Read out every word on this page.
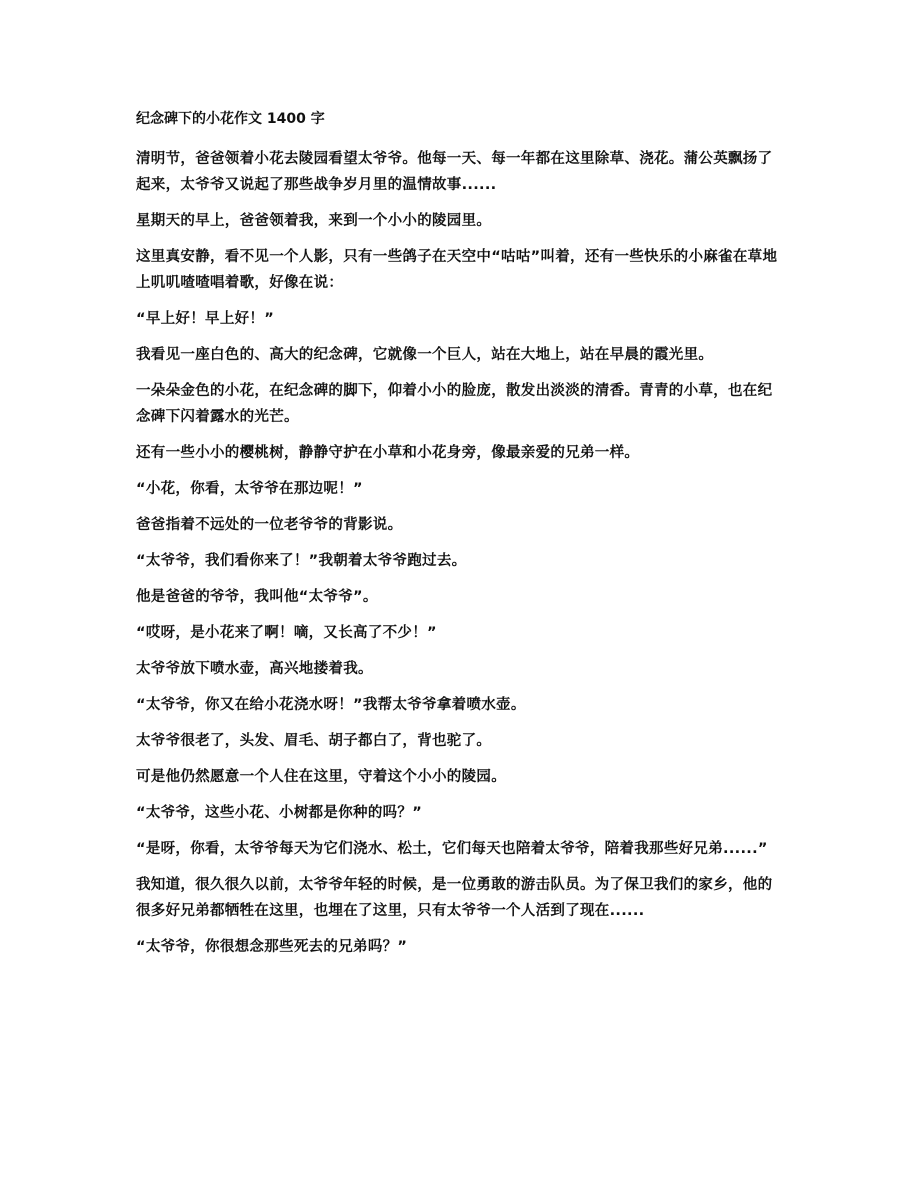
纪念碑下的小花作文 1400 字

清明节，爸爸领着小花去陵园看望太爷爷。他每一天、每一年都在这里除草、浇花。蒲公英飘扬了起来，太爷爷又说起了那些战争岁月里的温情故事......

星期天的早上，爸爸领着我，来到一个小小的陵园里。

这里真安静，看不见一个人影，只有一些鸽子在天空中“咕咕”叫着，还有一些快乐的小麻雀在草地上叽叽喳喳唱着歌，好像在说：

“早上好！早上好！”

我看见一座白色的、高大的纪念碑，它就像一个巨人，站在大地上，站在早晨的霞光里。

一朵朵金色的小花，在纪念碑的脚下，仰着小小的脸庞，散发出淡淡的清香。青青的小草，也在纪念碑下闪着露水的光芒。

还有一些小小的樱桃树，静静守护在小草和小花身旁，像最亲爱的兄弟一样。

“小花，你看，太爷爷在那边呢！”

爸爸指着不远处的一位老爷爷的背影说。

“太爷爷，我们看你来了！”我朝着太爷爷跑过去。

他是爸爸的爷爷，我叫他“太爷爷”。

“哎呀，是小花来了啊！嘀，又长高了不少！”

太爷爷放下喷水壶，高兴地搂着我。

“太爷爷，你又在给小花浇水呀！”我帮太爷爷拿着喷水壶。

太爷爷很老了，头发、眉毛、胡子都白了，背也驼了。

可是他仍然愿意一个人住在这里，守着这个小小的陵园。

“太爷爷，这些小花、小树都是你种的吗？”

“是呀，你看，太爷爷每天为它们浇水、松土，它们每天也陪着太爷爷，陪着我那些好兄弟......”

我知道，很久很久以前，太爷爷年轻的时候，是一位勇敢的游击队员。为了保卫我们的家乡，他的很多好兄弟都牺牲在这里，也埋在了这里，只有太爷爷一个人活到了现在......

“太爷爷，你很想念那些死去的兄弟吗？”
